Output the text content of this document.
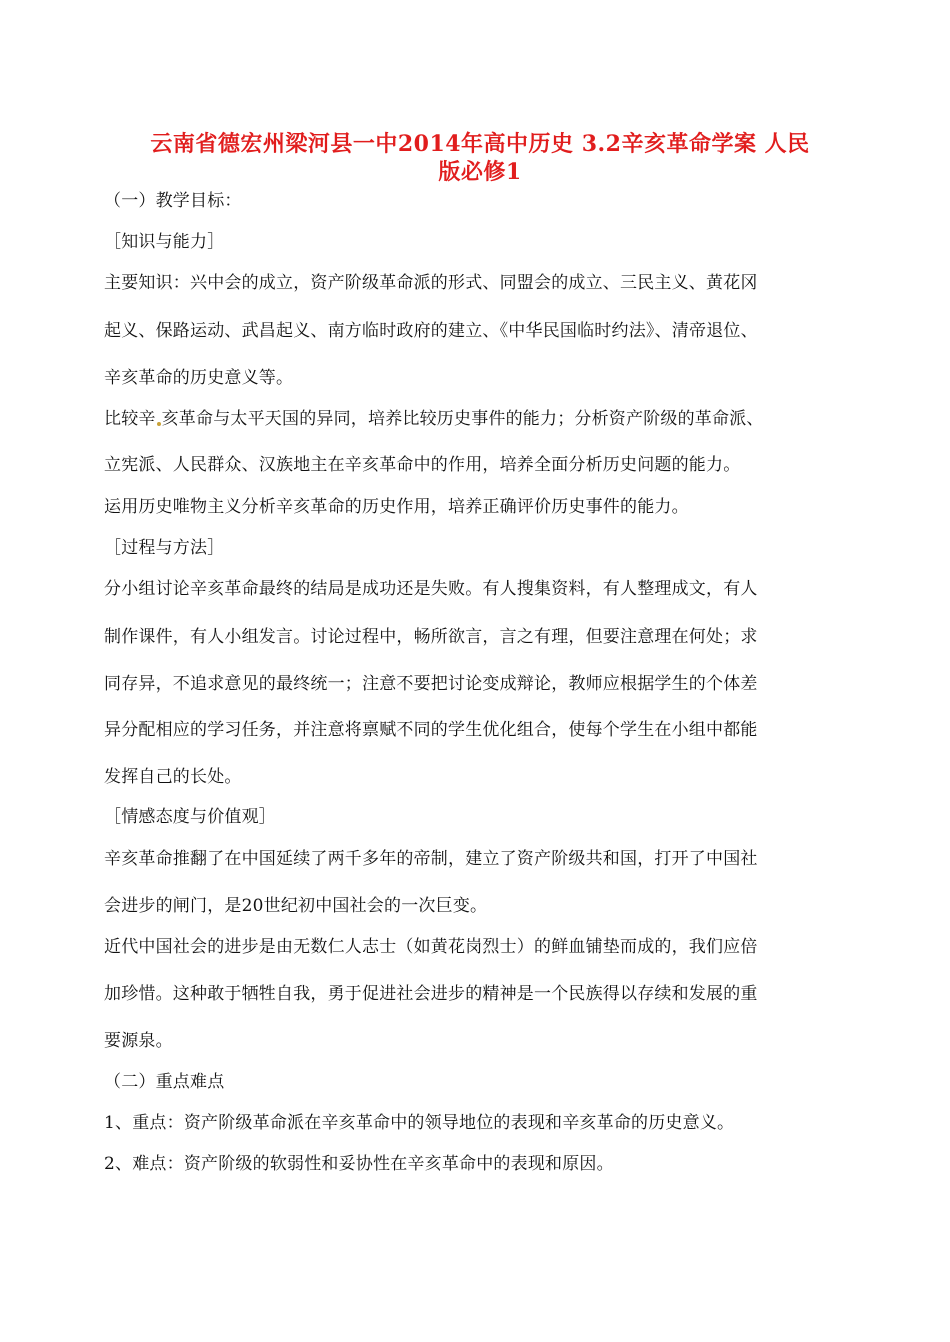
云南省德宏州梁河县一中2014年高中历史 3.2辛亥革命学案 人民
版必修1
（一）教学目标：
［知识与能力］
主要知识：兴中会的成立，资产阶级革命派的形式、同盟会的成立、三民主义、黄花冈
起义、保路运动、武昌起义、南方临时政府的建立、《中华民国临时约法》、清帝退位、
辛亥革命的历史意义等。
比较辛 亥革命与太平天国的异同，培养比较历史事件的能力；分析资产阶级的革命派、
立宪派、人民群众、汉族地主在辛亥革命中的作用，培养全面分析历史问题的能力。
运用历史唯物主义分析辛亥革命的历史作用，培养正确评价历史事件的能力。
［过程与方法］
分小组讨论辛亥革命最终的结局是成功还是失败。有人搜集资料，有人整理成文，有人
制作课件，有人小组发言。讨论过程中，畅所欲言，言之有理，但要注意理在何处；求
同存异，不追求意见的最终统一；注意不要把讨论变成辩论，教师应根据学生的个体差
异分配相应的学习任务，并注意将禀赋不同的学生优化组合，使每个学生在小组中都能
发挥自己的长处。
［情感态度与价值观］
辛亥革命推翻了在中国延续了两千多年的帝制，建立了资产阶级共和国，打开了中国社
会进步的闸门，是20世纪初中国社会的一次巨变。
近代中国社会的进步是由无数仁人志士（如黄花岗烈士）的鲜血铺垫而成的，我们应倍
加珍惜。这种敢于牺牲自我，勇于促进社会进步的精神是一个民族得以存续和发展的重
要源泉。
（二）重点难点
1、重点：资产阶级革命派在辛亥革命中的领导地位的表现和辛亥革命的历史意义。
2、难点：资产阶级的软弱性和妥协性在辛亥革命中的表现和原因。
